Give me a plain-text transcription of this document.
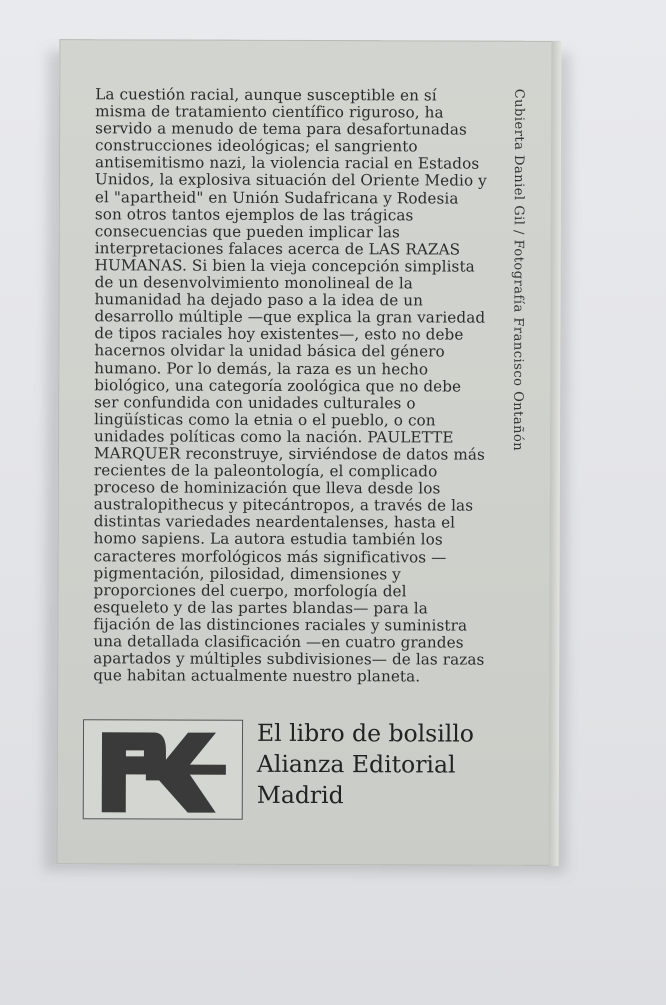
La cuestión racial, aunque susceptible en sí misma de tratamiento científico riguroso, ha servido a menudo de tema para desafortunadas construcciones ideológicas; el sangriento antisemitismo nazi, la violencia racial en Estados Unidos, la explosiva situación del Oriente Medio y el "apartheid" en Unión Sudafricana y Rodesia son otros tantos ejemplos de las trágicas consecuencias que pueden implicar las interpretaciones falaces acerca de LAS RAZAS HUMANAS. Si bien la vieja concepción simplista de un desenvolvimiento monolineal de la humanidad ha dejado paso a la idea de un desarrollo múltiple —que explica la gran variedad de tipos raciales hoy existentes—, esto no debe hacernos olvidar la unidad básica del género humano. Por lo demás, la raza es un hecho biológico, una categoría zoológica que no debe ser confundida con unidades culturales o lingüísticas como la etnia o el pueblo, o con unidades políticas como la nación. PAULETTE MARQUER reconstruye, sirviéndose de datos más recientes de la paleontología, el complicado proceso de hominización que lleva desde los australopithecus y pitecántropos, a través de las distintas variedades neardentalenses, hasta el homo sapiens. La autora estudia también los caracteres morfológicos más significativos —pigmentación, pilosidad, dimensiones y proporciones del cuerpo, morfología del esqueleto y de las partes blandas— para la fijación de las distinciones raciales y suministra una detallada clasificación —en cuatro grandes apartados y múltiples subdivisiones— de las razas que habitan actualmente nuestro planeta.

Cubierta Daniel Gil / Fotografía Francisco Ontañón
El libro de bolsillo
Alianza Editorial
Madrid
